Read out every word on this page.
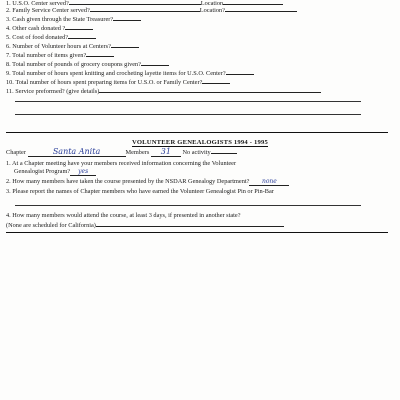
1. U.S.O. Center served?	Location
2. Family Service Center served?	Location?
3. Cash given through the State Treasurer?
4. Other cash donated ?
5. Cost of food donated?
6. Number of Volunteer hours at Centers?
7. Total number of items given?
8. Total number of pounds of grocery coupons given?
9. Total number of hours spent knitting and crocheting layette items for U.S.O. Center?
10. Total number of hours spent preparing items for U.S.O. or Family Center?
11. Service preformed? (give details)
VOLUNTEER GENEALOGISTS 1994 - 1995
Chapter	Santa Anita	Members 31 No activity
1. At a Chapter meeting have your members received information concerning the Volunteer
Genealogist Program? yes
2. How many members have taken the course presented by the NSDAR Genealogy Department? none
3. Please report the names of Chapter members who have earned the Volunteer Genealogist Pin or Pin-Bar
4. How many members would attend the course, at least 3 days, if presented in another state?
(None are scheduled for California)
